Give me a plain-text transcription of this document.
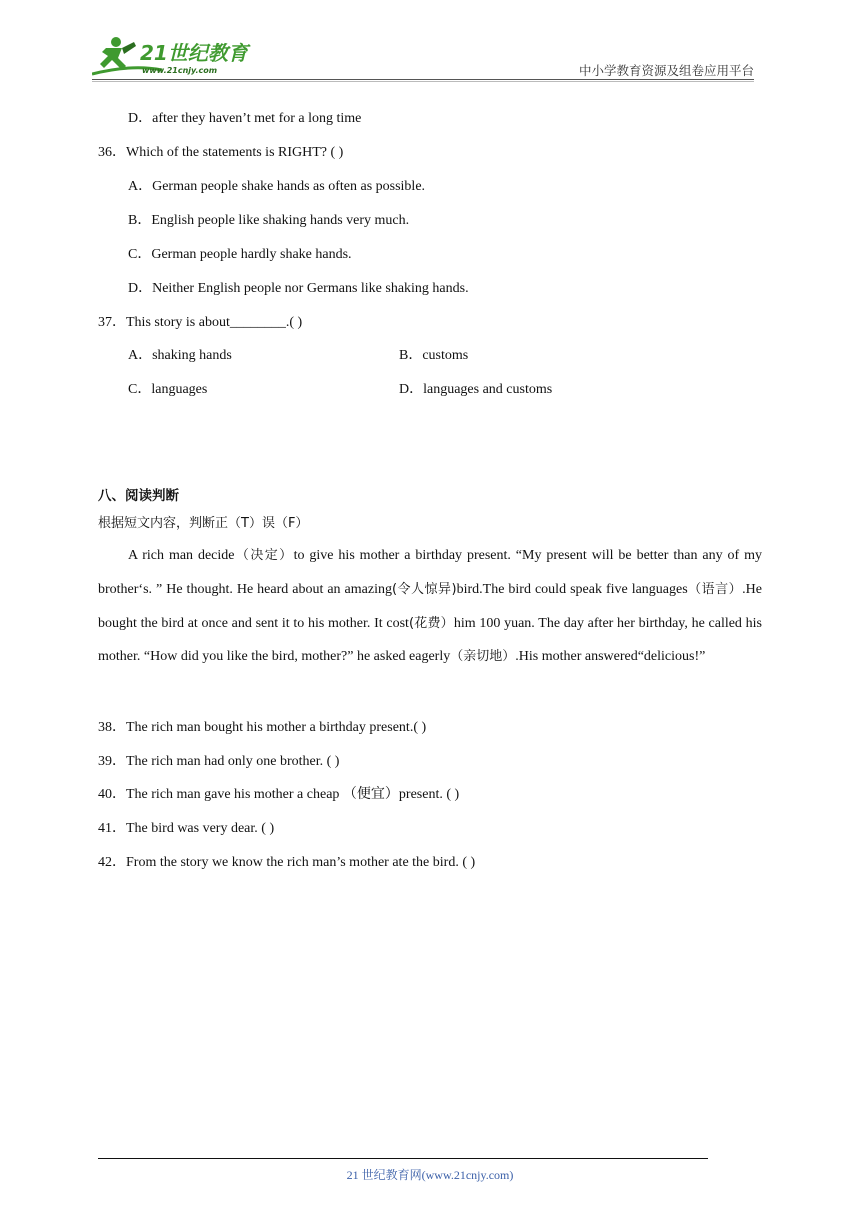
21世纪教育
www.21cnjy.com	中小学教育资源及组卷应用平台
D．after they haven’t met for a long time
36．Which of the statements is RIGHT? ( )
A．German people shake hands as often as possible.
B．English people like shaking hands very much.
C．German people hardly shake hands.
D．Neither English people nor Germans like shaking hands.
37．This story is about________.( )
A．shaking hands	B．customs
C．languages	D．languages and customs
八、阅读判断
根据短文内容，判断正（T）误（F）
A rich man decide（决定）to give his mother a birthday present. “My present will be better than any of my brother‘s. ” He thought. He heard about an amazing(令人惊异)bird.The bird could speak five languages（语言）.He bought the bird at once and sent it to his mother. It cost(花费）him 100 yuan. The day after her birthday, he called his mother. “How did you like the bird, mother?” he asked eagerly（亲切地）.His mother answered“delicious!”
38．The rich man bought his mother a birthday present.( )
39．The rich man had only one brother. ( )
40．The rich man gave his mother a cheap （便宜）present. ( )
41．The bird was very dear. ( )
42．From the story we know the rich man’s mother ate the bird. ( )
21 世纪教育网(www.21cnjy.com)
